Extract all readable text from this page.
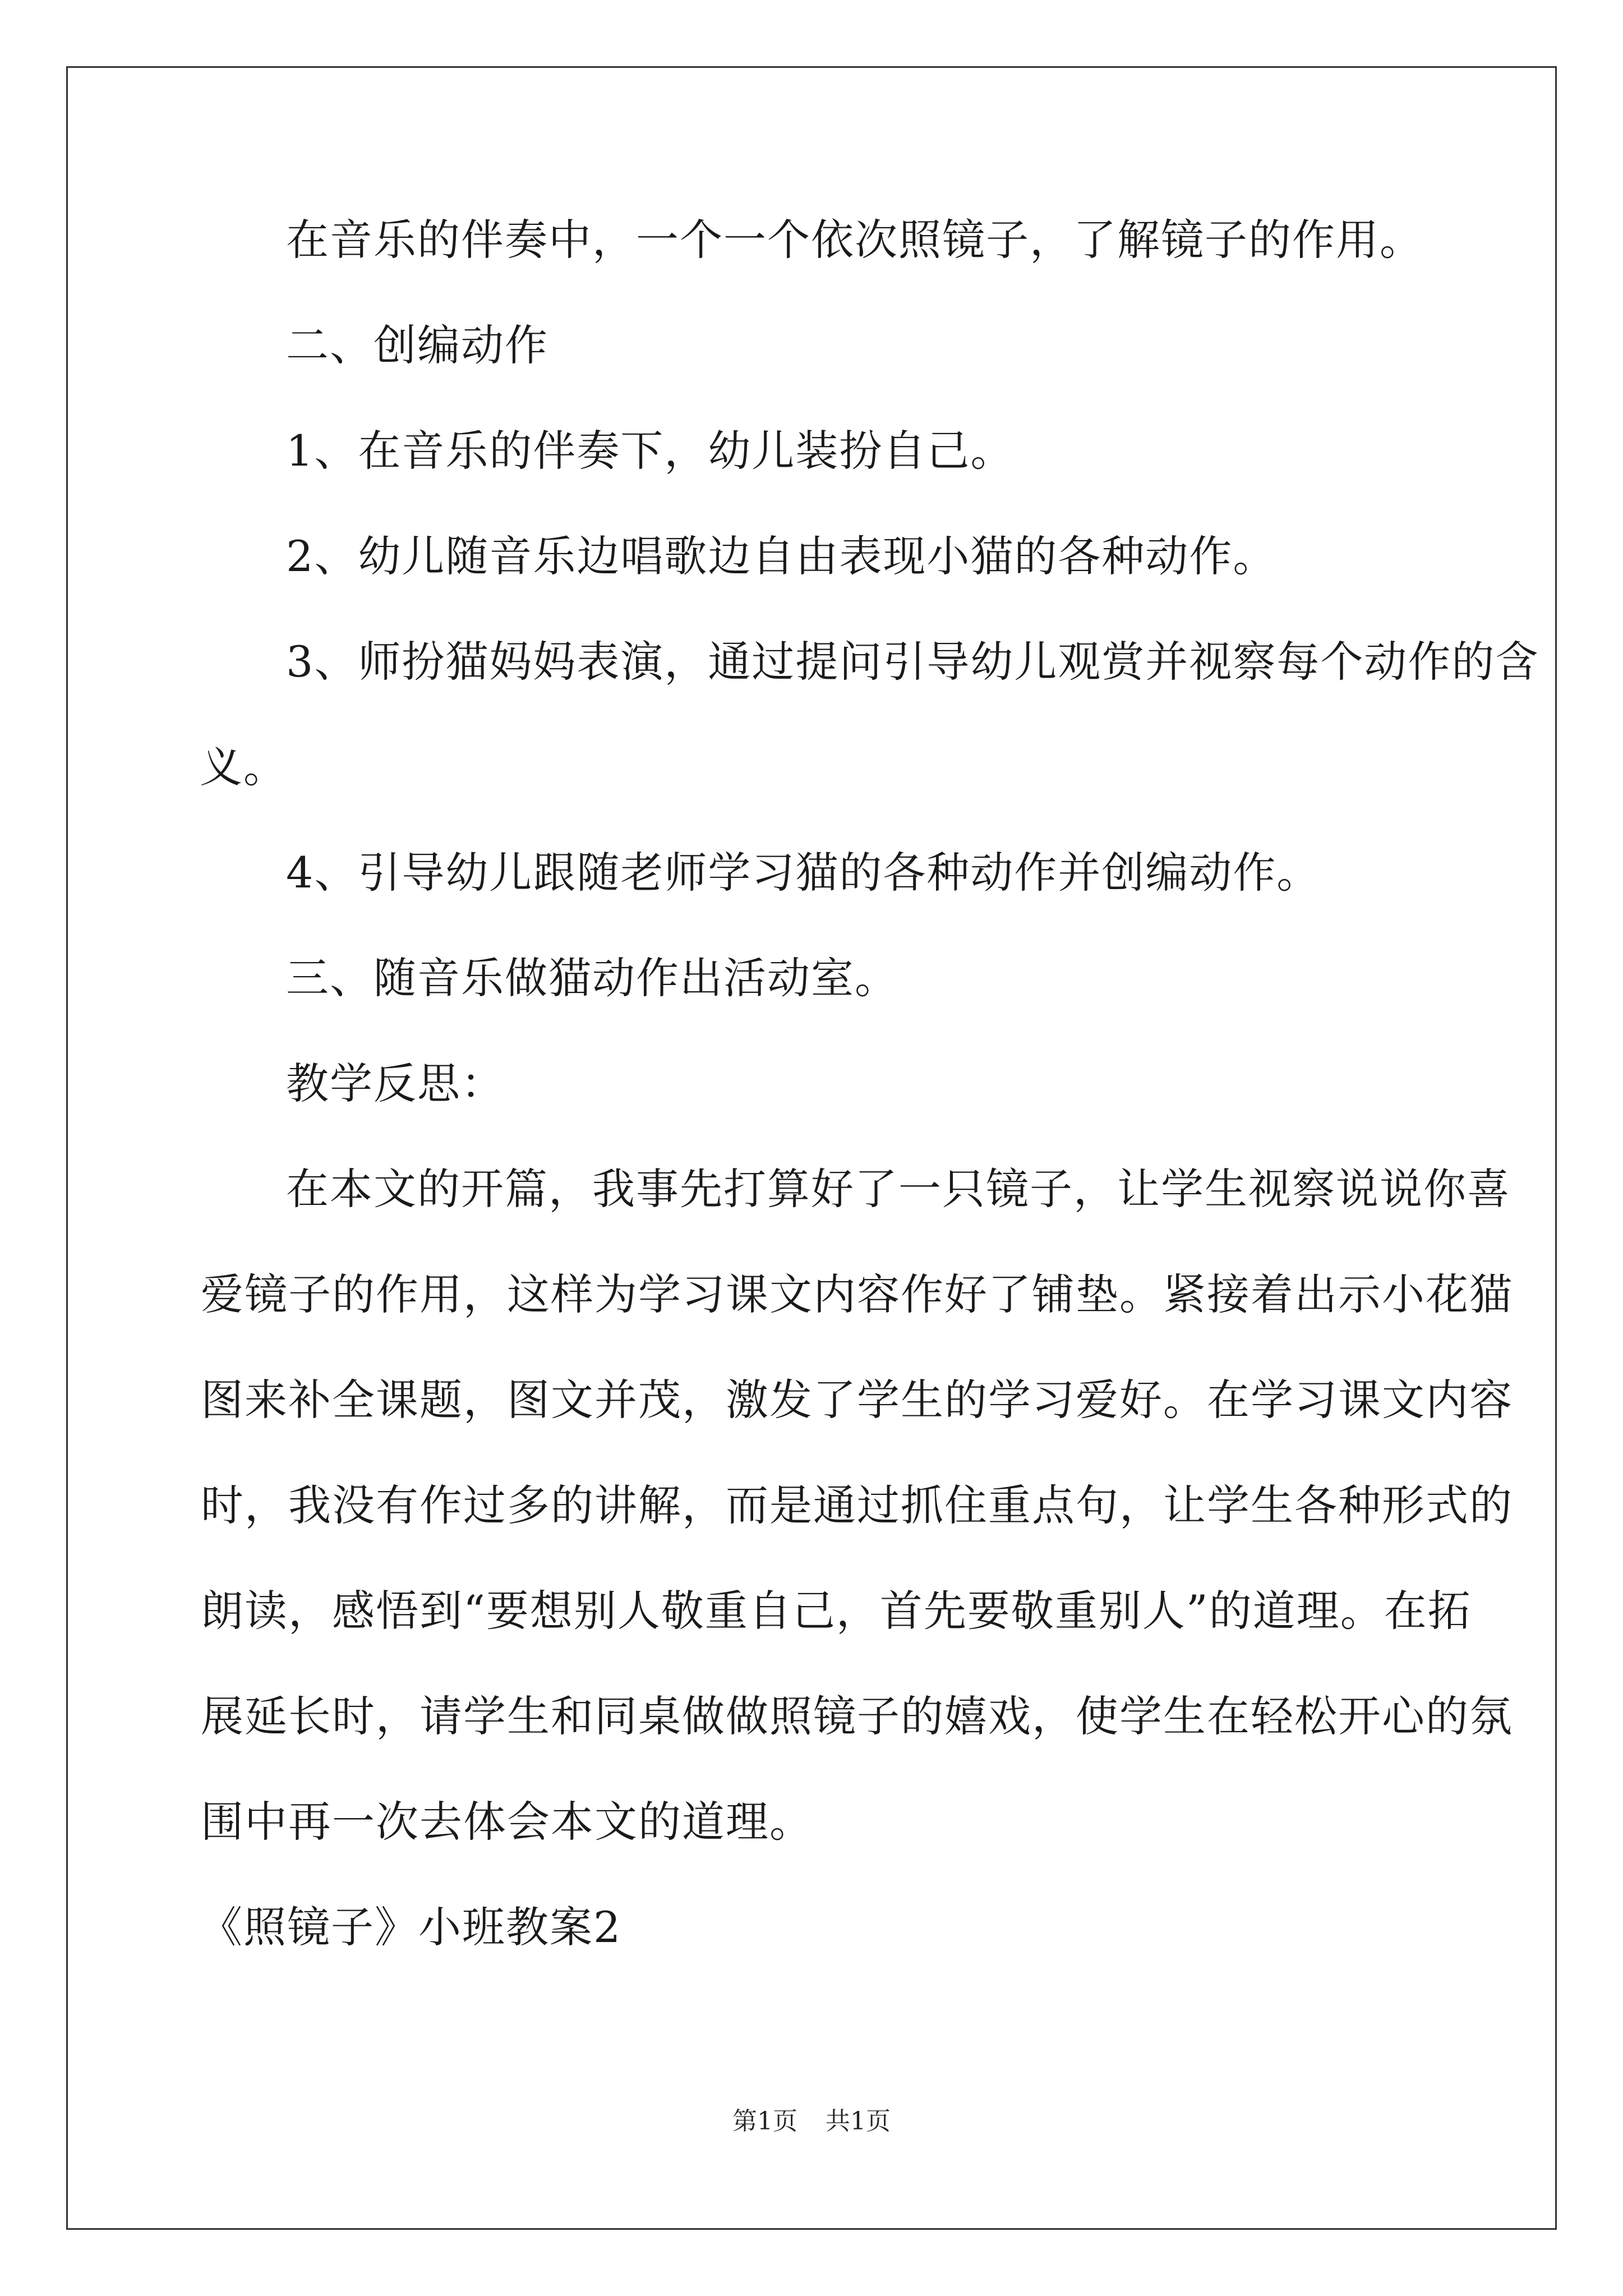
在音乐的伴奏中，一个一个依次照镜子，了解镜子的作用。

二、创编动作

1、在音乐的伴奏下，幼儿装扮自己。

2、幼儿随音乐边唱歌边自由表现小猫的各种动作。

3、师扮猫妈妈表演，通过提问引导幼儿观赏并视察每个动作的含

义。

4、引导幼儿跟随老师学习猫的各种动作并创编动作。

三、随音乐做猫动作出活动室。

教学反思：

在本文的开篇，我事先打算好了一只镜子，让学生视察说说你喜

爱镜子的作用，这样为学习课文内容作好了铺垫。紧接着出示小花猫

图来补全课题，图文并茂，激发了学生的学习爱好。在学习课文内容

时，我没有作过多的讲解，而是通过抓住重点句，让学生各种形式的

朗读，感悟到“要想别人敬重自己，首先要敬重别人”的道理。在拓

展延长时，请学生和同桌做做照镜子的嬉戏，使学生在轻松开心的氛

围中再一次去体会本文的道理。

《照镜子》小班教案2

第1页 共1页
